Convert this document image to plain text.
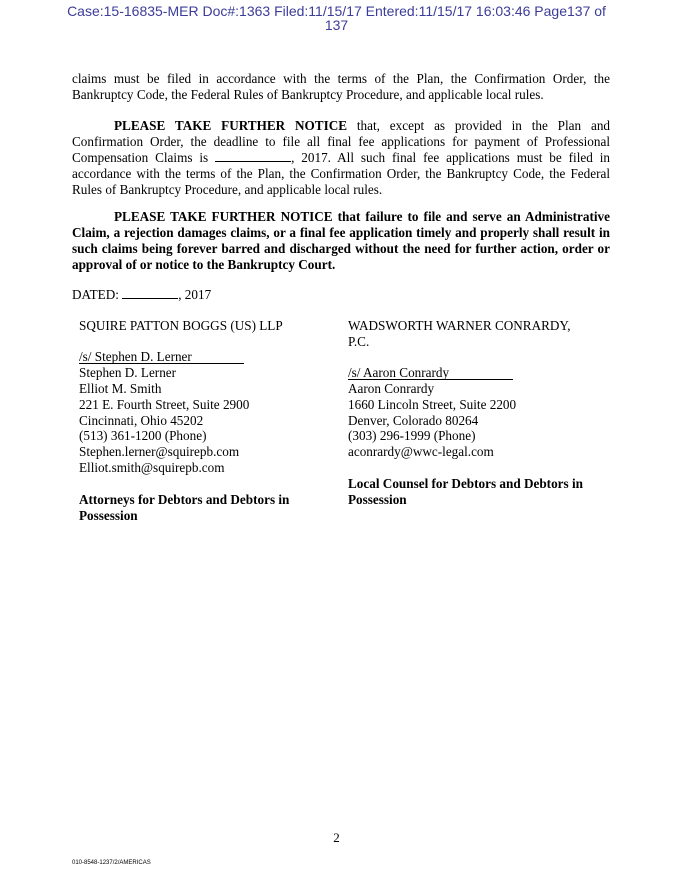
Case:15-16835-MER Doc#:1363 Filed:11/15/17 Entered:11/15/17 16:03:46 Page137 of
137
claims must be filed in accordance with the terms of the Plan, the Confirmation Order, the Bankruptcy Code, the Federal Rules of Bankruptcy Procedure, and applicable local rules.
PLEASE TAKE FURTHER NOTICE that, except as provided in the Plan and Confirmation Order, the deadline to file all final fee applications for payment of Professional Compensation Claims is	, 2017. All such final fee applications must be filed in accordance with the terms of the Plan, the Confirmation Order, the Bankruptcy Code, the Federal Rules of Bankruptcy Procedure, and applicable local rules.
PLEASE TAKE FURTHER NOTICE that failure to file and serve an Administrative Claim, a rejection damages claims, or a final fee application timely and properly shall result in such claims being forever barred and discharged without the need for further action, order or approval of or notice to the Bankruptcy Court.
DATED:	, 2017
SQUIRE PATTON BOGGS (US) LLP
/s/ Stephen D. Lerner
Stephen D. Lerner
Elliot M. Smith
221 E. Fourth Street, Suite 2900
Cincinnati, Ohio 45202
(513) 361-1200 (Phone)
Stephen.lerner@squirepb.com
Elliot.smith@squirepb.com
Attorneys for Debtors and Debtors in
Possession
WADSWORTH WARNER CONRARDY,
P.C.
/s/ Aaron Conrardy
Aaron Conrardy
1660 Lincoln Street, Suite 2200
Denver, Colorado 80264
(303) 296-1999 (Phone)
aconrardy@wwc-legal.com
Local Counsel for Debtors and Debtors in
Possession
2
010-8548-1237/2/AMERICAS
